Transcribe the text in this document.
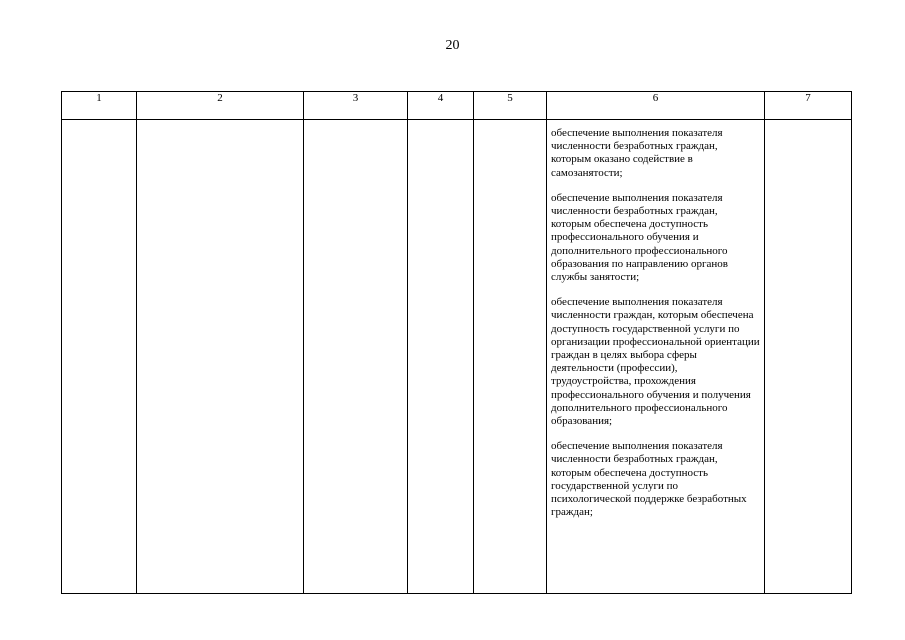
20
1	2	3	4	5	6	7

					обеспечение выполнения показателя численности безработных граждан, которым оказано содействие в самозанятости;

обеспечение выполнения показателя численности безработных граждан, которым обеспечена доступность профессионального обучения и дополнительного профессионального образования по направлению органов службы занятости;

обеспечение выполнения показателя численности граждан, которым обеспечена доступность государственной услуги по организации профессиональной ориентации граждан в целях выбора сферы деятельности (профессии), трудоустройства, прохождения профессионального обучения и получения дополнительного профессионального образования;

обеспечение выполнения показателя численности безработных граждан, которым обеспечена доступность государственной услуги по психологической поддержке безработных граждан;	
